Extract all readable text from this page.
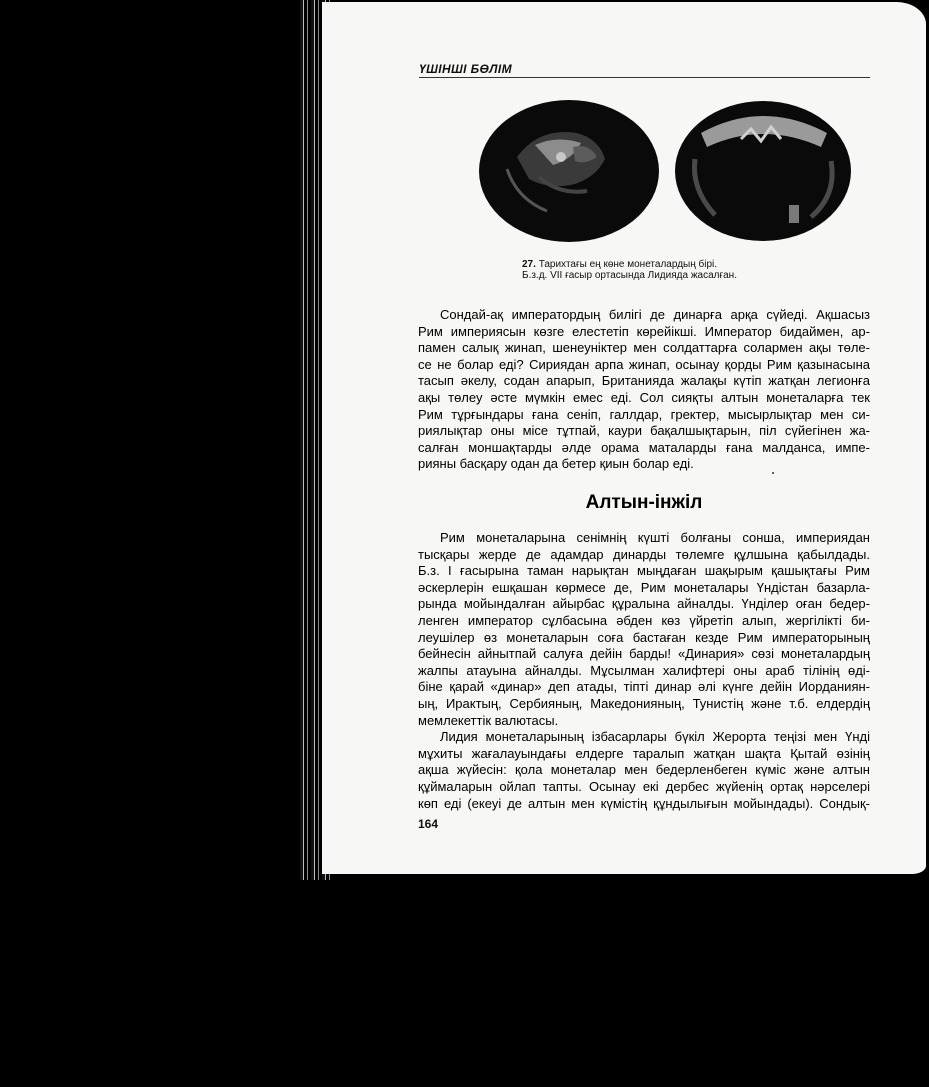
ҮШІНШІ БӨЛІМ
27. Тарихтағы ең көне монеталардың бірі.
Б.з.д. VII ғасыр ортасында Лидияда жасалған.
Сондай-ақ императордың билігі де динарға арқа сүйеді. Ақшасыз
Рим империясын көзге елестетіп көрейікші. Император бидаймен, ар-
памен салық жинап, шенеуніктер мен солдаттарға солармен ақы төле-
се не болар еді? Сириядан арпа жинап, осынау қорды Рим қазынасына
тасып әкелу, содан апарып, Британияда жалақы күтіп жатқан легионға
ақы төлеу әсте мүмкін емес еді. Сол сияқты алтын монеталарға тек
Рим тұрғындары ғана сеніп, галлдар, гректер, мысырлықтар мен си-
риялықтар оны місе тұтпай, каури бақалшықтарын, піл сүйегінен жа-
салған моншақтарды әлде орама маталарды ғана малданса, импе-
рияны басқару одан да бетер қиын болар еді.
Алтын-інжіл
Рим монеталарына сенімнің күшті болғаны сонша, империядан
тысқары жерде де адамдар динарды төлемге құлшына қабылдады.
Б.з. І ғасырына таман нарықтан мыңдаған шақырым қашықтағы Рим
әскерлерін ешқашан көрмесе де, Рим монеталары Үндістан базарла-
рында мойындалған айырбас құралына айналды. Үнділер оған бедер-
ленген император сұлбасына әбден көз үйретіп алып, жергілікті би-
леушілер өз монеталарын соға бастаған кезде Рим императорының
бейнесін айнытпай салуға дейін барды! «Динария» сөзі монеталардың
жалпы атауына айналды. Мұсылман халифтері оны араб тілінің өді-
біне қарай «динар» деп атады, тіпті динар әлі күнге дейін Иорданиян-
ың, Ирактың, Сербияның, Македонияның, Тунистің және т.б. елдердің
мемлекеттік валютасы.
Лидия монеталарының ізбасарлары бүкіл Жерорта теңізі мен Үнді
мұхиты жағалауындағы елдерге таралып жатқан шақта Қытай өзінің
ақша жүйесін: қола монеталар мен бедерленбеген күміс және алтын
құймаларын ойлап тапты. Осынау екі дербес жүйенің ортақ нәрселері
көп еді (екеуі де алтын мен күмістің құндылығын мойындады). Сондық-
164
